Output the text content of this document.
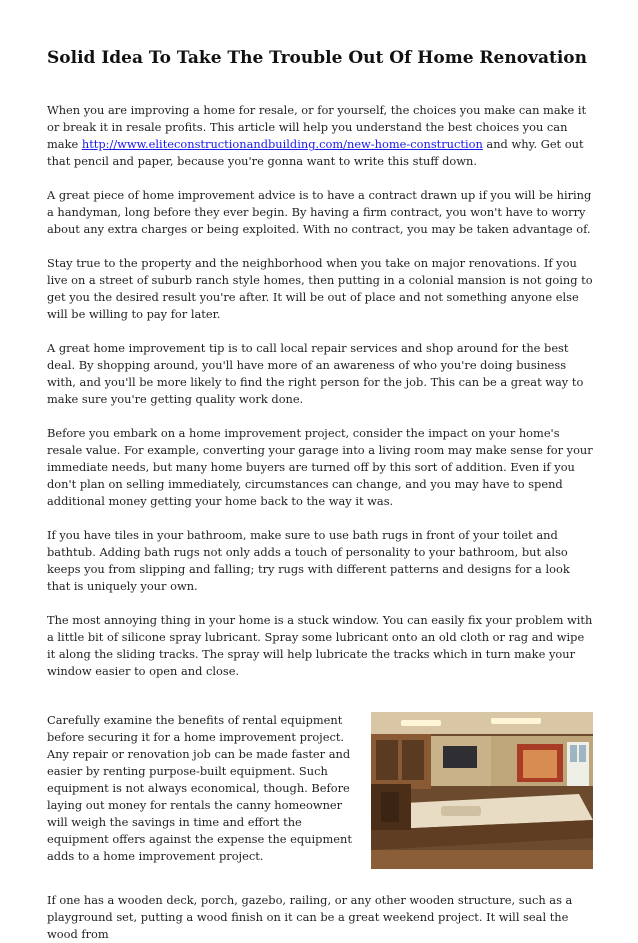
Solid Idea To Take The Trouble Out Of Home Renovation

When you are improving a home for resale, or for yourself, the choices you make can make it or break it in resale profits. This article will help you understand the best choices you can make http://www.eliteconstructionandbuilding.com/new-home-construction and why. Get out that pencil and paper, because you're gonna want to write this stuff down.

A great piece of home improvement advice is to have a contract drawn up if you will be hiring a handyman, long before they ever begin. By having a firm contract, you won't have to worry about any extra charges or being exploited. With no contract, you may be taken advantage of.

Stay true to the property and the neighborhood when you take on major renovations. If you live on a street of suburb ranch style homes, then putting in a colonial mansion is not going to get you the desired result you're after. It will be out of place and not something anyone else will be willing to pay for later.

A great home improvement tip is to call local repair services and shop around for the best deal. By shopping around, you'll have more of an awareness of who you're doing business with, and you'll be more likely to find the right person for the job. This can be a great way to make sure you're getting quality work done.

Before you embark on a home improvement project, consider the impact on your home's resale value. For example, converting your garage into a living room may make sense for your immediate needs, but many home buyers are turned off by this sort of addition. Even if you don't plan on selling immediately, circumstances can change, and you may have to spend additional money getting your home back to the way it was.

If you have tiles in your bathroom, make sure to use bath rugs in front of your toilet and bathtub. Adding bath rugs not only adds a touch of personality to your bathroom, but also keeps you from slipping and falling; try rugs with different patterns and designs for a look that is uniquely your own.

The most annoying thing in your home is a stuck window. You can easily fix your problem with a little bit of silicone spray lubricant. Spray some lubricant onto an old cloth or rag and wipe it along the sliding tracks. The spray will help lubricate the tracks which in turn make your window easier to open and close.

Carefully examine the benefits of rental equipment before securing it for a home improvement project. Any repair or renovation job can be made faster and easier by renting purpose-built equipment. Such equipment is not always economical, though. Before laying out money for rentals the canny homeowner will weigh the savings in time and effort the equipment offers against the expense the equipment adds to a home improvement project.

If one has a wooden deck, porch, gazebo, railing, or any other wooden structure, such as a playground set, putting a wood finish on it can be a great weekend project. It will seal the wood from
